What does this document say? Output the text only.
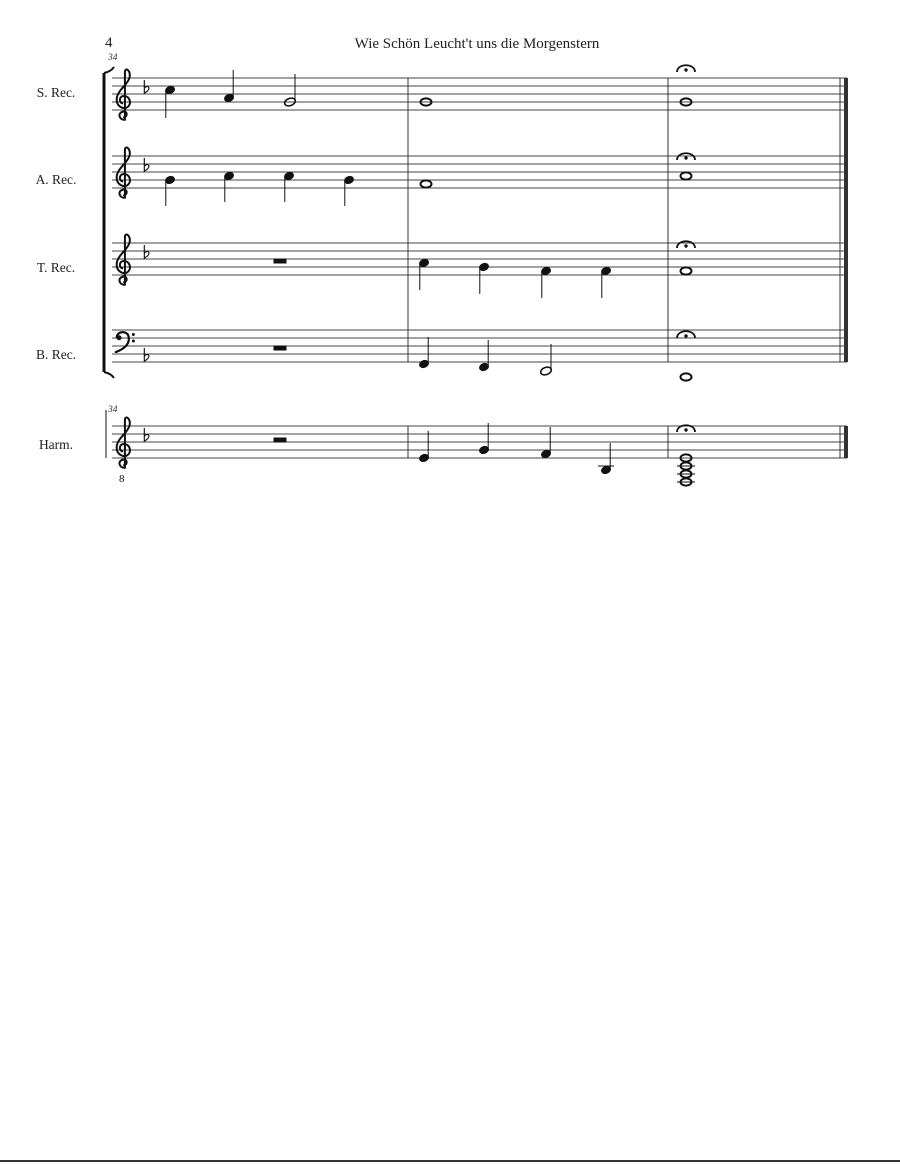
4	Wie Schön Leucht't uns die Morgenstern
S. Rec.
A. Rec.
T. Rec.
B. Rec.
Harm.
34
34
8
